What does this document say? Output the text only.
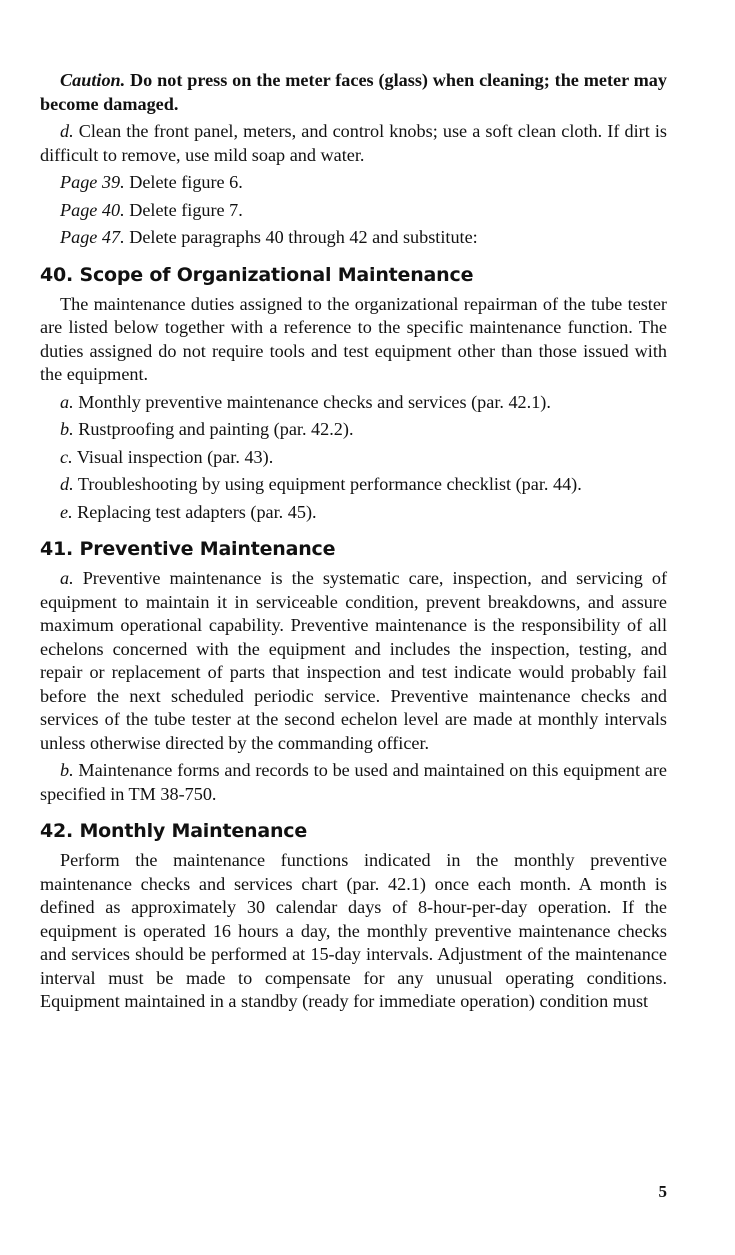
Caution. Do not press on the meter faces (glass) when cleaning; the meter may become damaged.

d. Clean the front panel, meters, and control knobs; use a soft clean cloth. If dirt is difficult to remove, use mild soap and water.

Page 39. Delete figure 6.

Page 40. Delete figure 7.

Page 47. Delete paragraphs 40 through 42 and substitute:

40. Scope of Organizational Maintenance

The maintenance duties assigned to the organizational repairman of the tube tester are listed below together with a reference to the specific maintenance function. The duties assigned do not require tools and test equipment other than those issued with the equipment.

a. Monthly preventive maintenance checks and services (par. 42.1).

b. Rustproofing and painting (par. 42.2).

c. Visual inspection (par. 43).

d. Troubleshooting by using equipment performance checklist (par. 44).

e. Replacing test adapters (par. 45).

41. Preventive Maintenance

a. Preventive maintenance is the systematic care, inspection, and servicing of equipment to maintain it in serviceable condition, prevent breakdowns, and assure maximum operational capability. Preventive maintenance is the responsibility of all echelons concerned with the equipment and includes the inspection, testing, and repair or replacement of parts that inspection and test indicate would probably fail before the next scheduled periodic service. Preventive maintenance checks and services of the tube tester at the second echelon level are made at monthly intervals unless otherwise directed by the commanding officer.

b. Maintenance forms and records to be used and maintained on this equipment are specified in TM 38-750.

42. Monthly Maintenance

Perform the maintenance functions indicated in the monthly preventive maintenance checks and services chart (par. 42.1) once each month. A month is defined as approximately 30 calendar days of 8-hour-per-day operation. If the equipment is operated 16 hours a day, the monthly preventive maintenance checks and services should be performed at 15-day intervals. Adjustment of the maintenance interval must be made to compensate for any unusual operating conditions. Equipment maintained in a standby (ready for immediate operation) condition must

5
